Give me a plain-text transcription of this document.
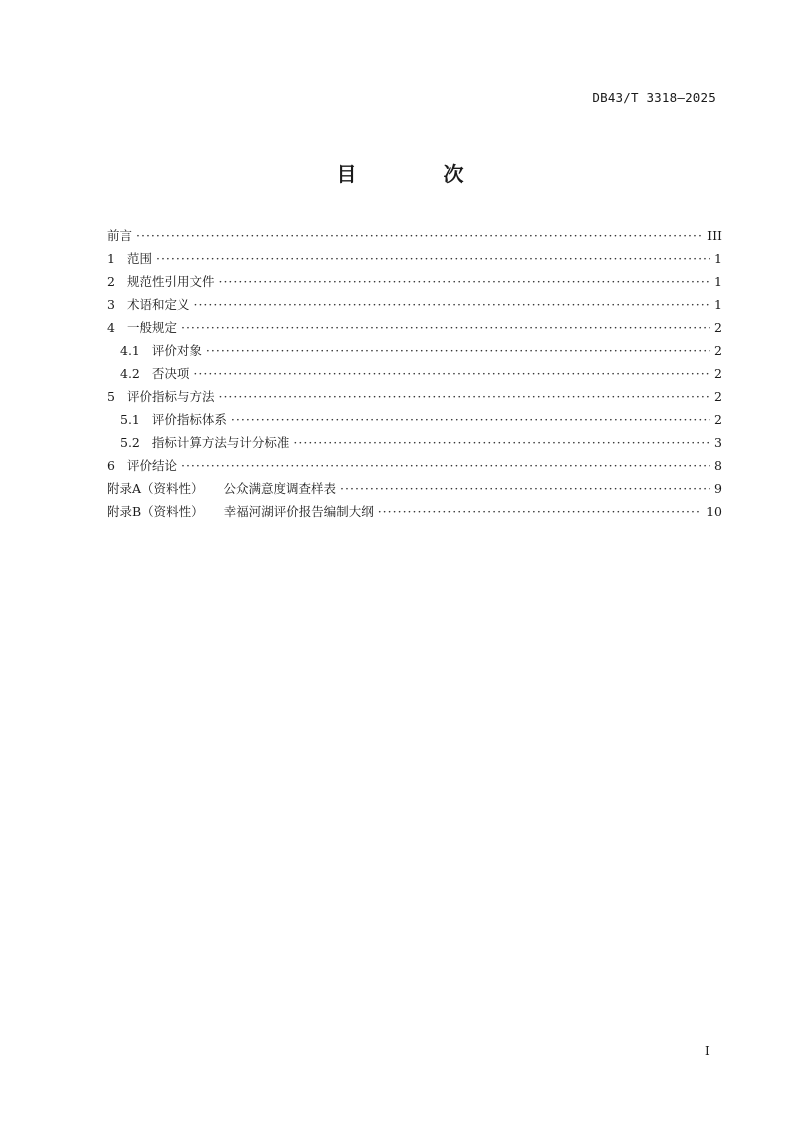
DB43/T 3318—2025
目 次
前言 ·····	III
1 范围 ·····	1
2 规范性引用文件 ·····	1
3 术语和定义 ·····	1
4 一般规定 ·····	2
4.1 评价对象 ·····	2
4.2 否决项 ·····	2
5 评价指标与方法 ·····	2
5.1 评价指标体系 ·····	2
5.2 指标计算方法与计分标准 ·····	3
6 评价结论 ·····	8
附录A（资料性） 公众满意度调查样表 ·····	9
附录B（资料性） 幸福河湖评价报告编制大纲 ·····	10
I
